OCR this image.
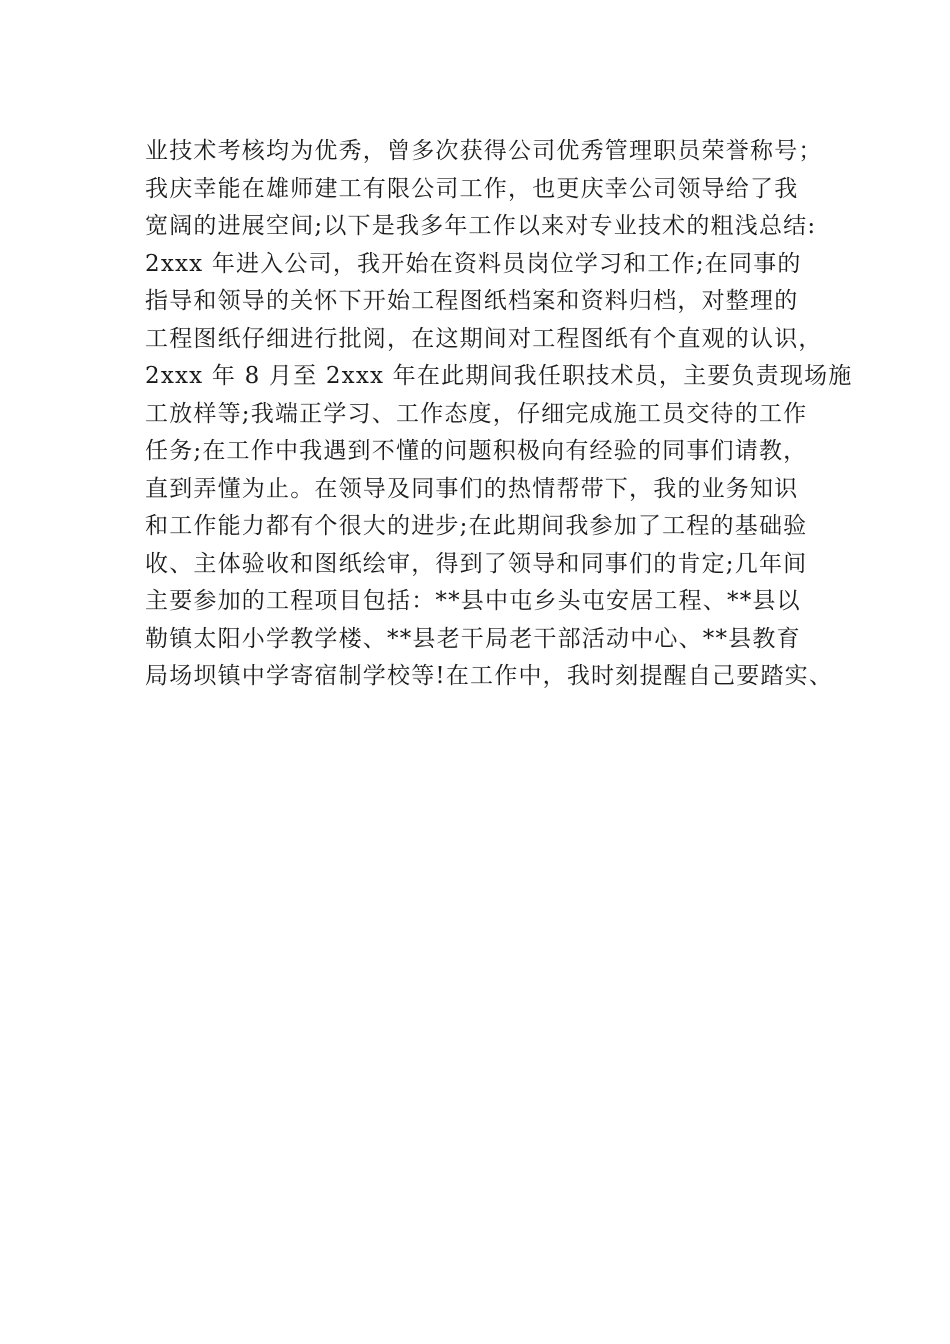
业技术考核均为优秀，曾多次获得公司优秀管理职员荣誉称号；

我庆幸能在雄师建工有限公司工作，也更庆幸公司领导给了我

宽阔的进展空间;以下是我多年工作以来对专业技术的粗浅总结:

2xxx 年进入公司，我开始在资料员岗位学习和工作;在同事的

指导和领导的关怀下开始工程图纸档案和资料归档，对整理的

工程图纸仔细进行批阅，在这期间对工程图纸有个直观的认识，

2xxx 年 8 月至 2xxx 年在此期间我任职技术员，主要负责现场施

工放样等;我端正学习、工作态度，仔细完成施工员交待的工作

任务;在工作中我遇到不懂的问题积极向有经验的同事们请教，

直到弄懂为止。在领导及同事们的热情帮带下，我的业务知识

和工作能力都有个很大的进步;在此期间我参加了工程的基础验

收、主体验收和图纸绘审，得到了领导和同事们的肯定;几年间

主要参加的工程项目包括：**县中屯乡头屯安居工程、**县以

勒镇太阳小学教学楼、**县老干局老干部活动中心、**县教育

局场坝镇中学寄宿制学校等!在工作中，我时刻提醒自己要踏实、
